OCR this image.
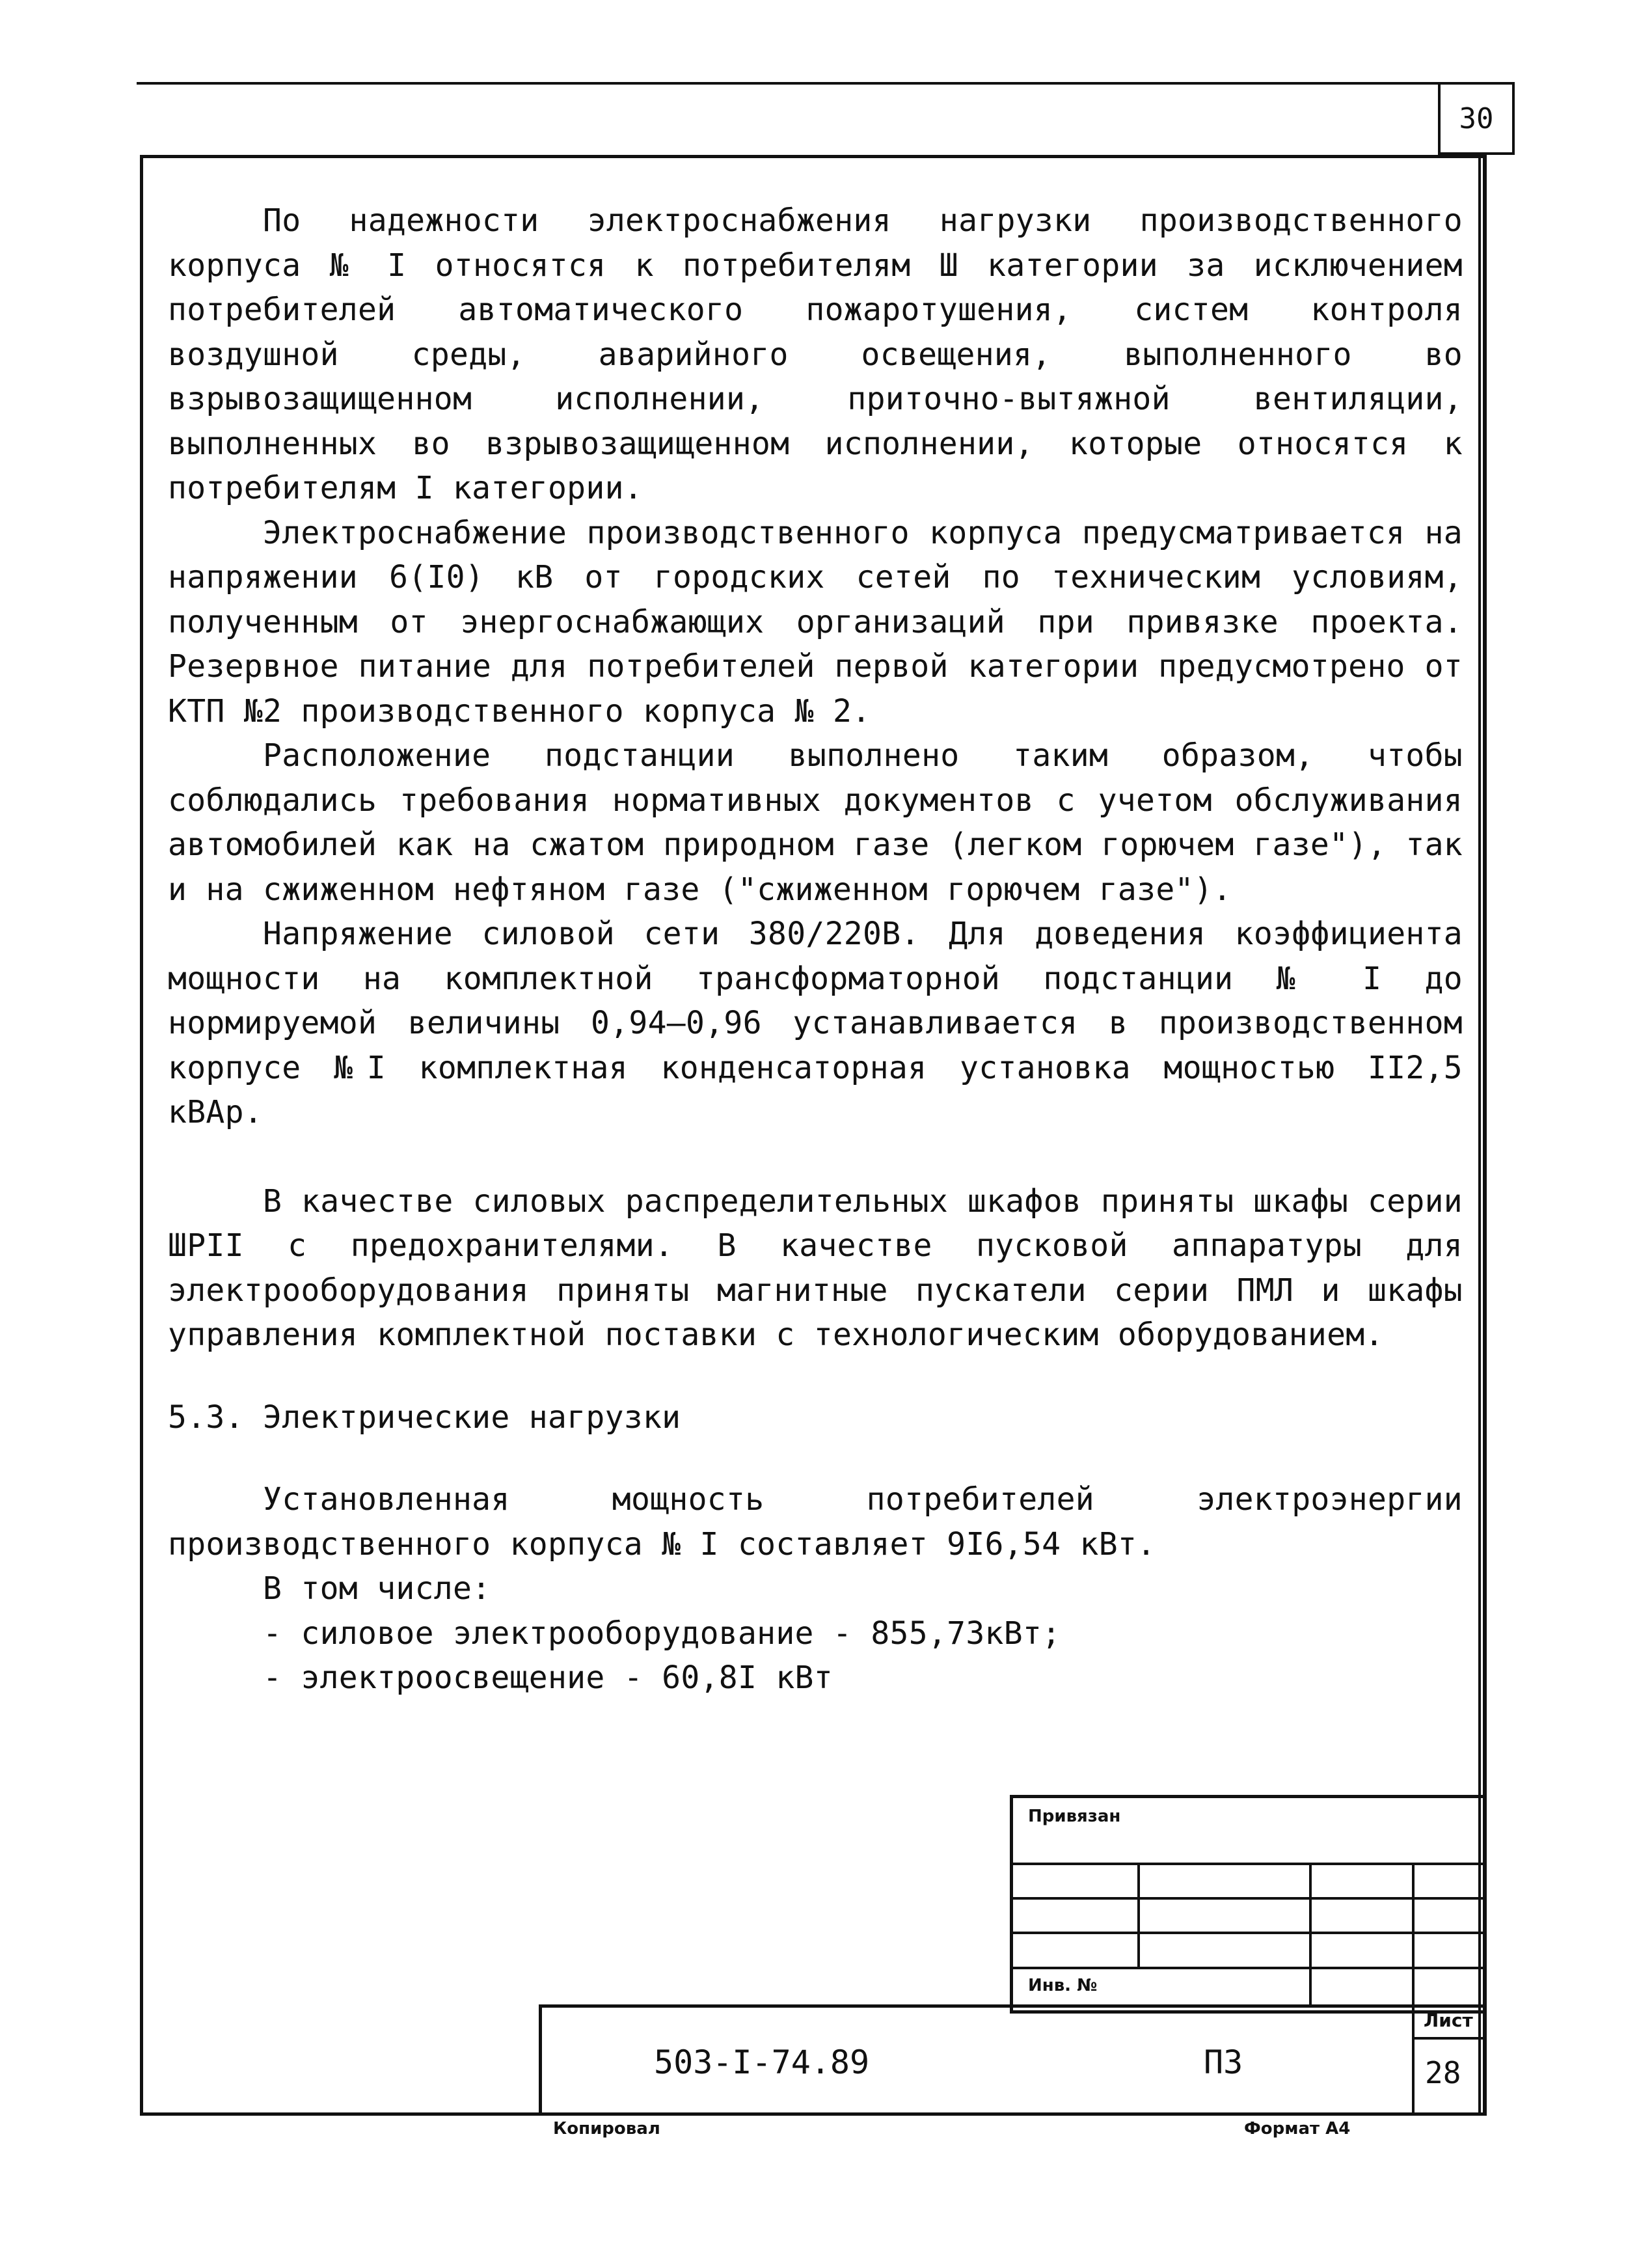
30

По надежности электроснабжения нагрузки производственного корпуса № I относятся к потребителям Ш категории за исключением потребителей автоматического пожаротушения, систем контроля воздушной среды, аварийного освещения, выполненного во взрывозащищенном исполнении, приточно-вытяжной вентиляции, выполненных во взрывозащищенном исполнении, которые относятся к потребителям I категории.

Электроснабжение производственного корпуса предусматривается на напряжении 6(I0) кВ от городских сетей по техническим условиям, полученным от энергоснабжающих организаций при привязке проекта. Резервное питание для потребителей первой категории предусмотрено от КТП №2 производственного корпуса № 2.

Расположение подстанции выполнено таким образом, чтобы соблюдались требования нормативных документов с учетом обслуживания автомобилей как на сжатом природном газе (легком горючем газе"), так и на сжиженном нефтяном газе ("сжиженном горючем газе").

Напряжение силовой сети 380/220В. Для доведения коэффициента мощности на комплектной трансформаторной подстанции № I до нормируемой величины 0,94–0,96 устанавливается в производственном корпусе №I комплектная конденсаторная установка мощностью II2,5 кВАр.

В качестве силовых распределительных шкафов приняты шкафы серии ШРII с предохранителями. В качестве пусковой аппаратуры для электрооборудования приняты магнитные пускатели серии ПМЛ и шкафы управления комплектной поставки с технологическим оборудованием.

5.3. Электрические нагрузки

Установленная мощность потребителей электроэнергии производственного корпуса № I составляет 9I6,54 кВт.

В том числе:

- силовое электрооборудование - 855,73кВт;

- электроосвещение - 60,8I кВт

Привязан
Инв. №
503-I-74.89	ПЗ
Лист
28
Копировал	Формат А4
